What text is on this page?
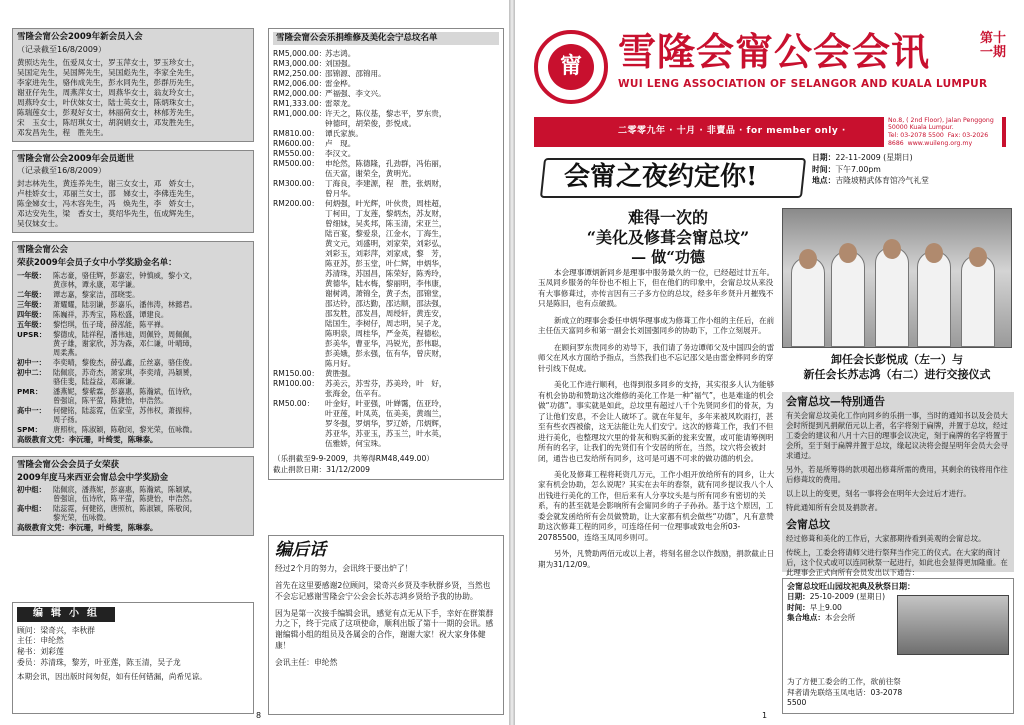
雪隆会甯公会2009年新会员入会
（记录截至16/8/2009）
黄照达先生，伍爱凤女士，罗玉萍女士，罗玉珍女士，
吴国定先生，吴国辉先生，吴国彪先生，李家全先生，
李家进先生，骆伟成先生，彭水同先生，彭群历先生，
谢亚仔先生，周燕萍女士，周燕华女士，翁友玲女士，
周燕玲女士，叶伏妹女士，陆士英女士，陈炳珠女士，
陈瑞莲女士，彭观好女士，林丽荷女士，林郁芳先生，
宋　玉女士，陈绍琪女士，胡润娟女士，邓发胜先生，
邓发昌先生，程　胜先生。
雪隆会甯公会2009年会员逝世
（记录截至16/8/2009）
封志林先生，黄连养先生，谢三女女士，邓　娇女士，
卢桂娇女士，邓丽兰女士，邵　娣女士，李佛连先生，
陈金娣女士，冯木容先生，冯　焕先生，李　娇女士，
邓达安先生，梁　香女士，莫绍华先生，伍成辉先生，
吴仅妹女士。
雪隆会甯公会
荣获2009年会员子女中小学奖励金名单：
一年级：	陈志豪，骆佳辉，彭嘉宏，钟慎威，黎小文，
黄彦林，谭永康，邓学谦。
二年级：	谭志嘉，黎家洁，邵晓雯。
三年级：	萧耀耀，陆羽谦，彭嘉乐，潘伟涛，林懿君。
四年级：	陈巍祥，苏秀宝，陈松盛，谭建良。
五年级：	黎恺琪，伍子琦，薛泓能，陈平禅。
UPSR：	黎德成，陆祥程，潘伟迪，周佩铃，周佩佩，
黄子雄，谢家欣，苏为森，邓仁谦，叶晴璋，
周柔燕。
初中一：	李奕晴，黎俊杰，薛弘鑫，丘丝嘉，骆佳俊。
初中二：	陆佩宸，苏奇杰，萧家琪，李奕靖，冯颖赟，
骆佳斐，陆益益，邓麻谦。
PMR：	潘燕妮，黎紫霖，彭嘉惠，陈瀚斌，伍诗欣，
曾强谊，陈平萤，陈捷怡，申浩然。
高中一：	何健铭，陆蕊霓，伍家莹，苏伟权，萧振梓，
周子扬。
SPM：	唐照杭，陈淑颖，陈敬闵，黎光荣，伍咏微。
高级教育文凭：李沅珊，叶绮雯，陈琳泰。
雪隆会甯公会会员子女荣获
2009年度马来西亚会甯总会中学奖励金
初中组：	陆佩宸，潘燕妮，彭嘉惠，陈瀚斌，陈颖斌，
曾强谊，伍诗欣，陈平萤，陈捷怡，申浩然。
高中组：	陆蕊霓，何健铭，唐照杭，陈淑颖，陈敬闵，
黎光荣，伍咏微。
高级教育文凭：李沅珊，叶绮雯，陈琳泰。
编辑小组
顾问：梁奇兴，李秋群
主任：申纶然
秘书：刘彩莲
委员：苏清珠，黎芳，叶亚莲，陈玉清，吴子龙
本期会讯，因出版时间匆促，如有任何错漏，尚希见谅。
雪隆会甯公会乐捐维修及美化会宁总坟名单
RM5,000.00：
苏志鸿。
RM3,000.00：
刘国强。
RM2,250.00：
邵锦源、邵锦用。
RM2,006.00：
雷金桦。
RM2,000.00：
严福强、李文兴。
RM1,333.00：
雷翠龙。
RM1,000.00：
许天之，陈仪基，黎志平，罗东贵，
钟德珂，胡荣俊，彭悦成。
RM810.00： 谭氏家族。
RM600.00： 卢　现。
RM550.00： 李汉文。
RM500.00： 申纶然，陈德隆，孔劲群，冯佑丽，
伍天富，谢荣全，黄明光。
RM300.00： 丁海良，李建源，程　胜，张炳财，
曾月华。
RM200.00： 何炳强，叶光辉，叶伙贵，周桂超，
丁柯田，丁友莲，黎炳杰，苏友财，
曾细妹，吴炙邦，陈玉清，宋亚兰，
陆百宴，黎爱泉，江金水，丁海生，
黄文元，刘盛明，刘家荣，刘彩弘，
刘彩玉，刘彩萍，刘家成，黎　芳，
陈亚苏，彭玉堂，叶仁辉，申炳华，
苏清珠，苏国昌，陈荣好，陈秀玲，
黄德华，陆水梅，黎丽明，李伟康，
谢树鸿，萧锦全，黄子杰，邵锦堂，
邵达铃，邵达勤，邵达顺，邵法强，
邵发胜，邵发昌，周绶轩，黄连安，
陆国生，李树仔，周志明，吴子龙，
陈明泉，周桂华，严金英，程德松，
彭美华，曹亚华，冯锐光，彭伟聪，
彭美娥，彭永强，伍有华，曾庆财，
陈月好。
RM150.00： 黄胜强。
RM100.00： 苏美云，苏雪芬，苏美玲，叶　好，
张海金，伍辛有。
RM50.00：	叶金好，叶亚强，叶婵霭，伍亚玲，
叶亚莲，叶凤英，伍美美，黄端兰，
罗冬强，罗炳华，罗辽娇，邝炳辉，
苏亚华，苏亚玉，苏玉兰，叶水英，
伍雅娇，何宝珠。
（乐捐截至9-9-2009，共筹得RM48,449.00）
截止捐款日期：31/12/2009
编后话

经过2个月的努力，会讯终于要出炉了！

首先在这里要感谢2位顾问，梁奇兴乡贤及李秋群乡贤，当然也不会忘记感谢雪隆会宁公会会长苏志鸿乡贤给予我的协助。

因为是第一次接手编辑会讯，感觉有点无从下手，幸好在群策群力之下，终于完成了这项使命，顺利出版了第十一期的会讯。感谢编辑小组的组员及各属会的合作，谢谢大家！祝大家身体健康！

会讯主任：申纶然
8
甯 雪隆会甯公会会讯
WUI LENG ASSOCIATION OF SELANGOR AND KUALA LUMPUR
第十一期
二零零九年 · 十月 · 非賣品 · for member only ·
No.8, ( 2nd Floor), Jalan Penggong 50000 Kuala Lumpur.
Tel: 03-2078 5500  Fax: 03-2026 8686  www.wuileng.org.my
会甯之夜约定你!
日期：22-11-2009 (星期日)
时间：下午7.00pm
地点：吉隆坡精武体育馆冷气礼堂
难得一次的
“美化及修葺会甯总坟”
— 做“功德

本会理事谭炳新同乡是理事中服务最久的一位，已经超过廿五年。玉凤同乡服务的年份也不相上下，但在他们的印象中，会甯总坟从来没有大事修葺过，亦传言因有三子多方位的总坟，经多年乡贤升月摧残不只是陈旧，也有点破损。

新成立的理事会委任申炳华理事成为修葺工作小组的主任后，在前主任伍天富同乡和第一副会长刘国强同乡的协助下，工作立刻展开。

在顾问罗东贵同乡的劝导下，我们请了务边谭师父及中国四会的雷师父在风水方面给予指点，当然我们也不忘记邵父是由雷金桦同乡的穿针引线下促成。

美化工作进行顺利，也得到很多同乡的支持，其实很多人认为能够有机会协助和赞助这次维修的美化工作是一种“福气”，也是难逢的机会做“功德”。事实就是如此，总坟里有超过八千个先贤同乡们的骨灰，为了让他们安息，不会让人破坏了。就在年复年，多年来被风吹雨打，甚至有些衣西被偷，这无法能让先人们安宁。这次的修葺工作，我们不但进行美化，也整理坟穴里的骨灰和购买新的瓮来安置，或可能请筹例明所有的名字，让我们的先贤们有个安居的所在，当然，坟穴将会被封闭，通告也已发给所有同乡，这可是可遇不可求的做功德的机会。

美化及修葺工程将耗资几万元，工作小组开放给所有的同乡，让大家有机会协助，怎么说呢？其实在去年的春祭，就有同乡提议我八个人出钱进行美化的工作，但后来有人分享坟头是与所有同乡有密切的关系，有的甚至就是会影响所有会甯同乡的子子孙孙。基于这个原因，工委会就发函给所有会员做赞助，让大家都有机会做些“功德”，凡有意赞助这次修葺工程的同乡，可连络任何一位理事或致电会所03-20785500，连络玉凤同乡则可。

另外，凡赞助两佰元或以上者，将刻名留念以作鼓励，捐款截止日期为31/12/09。

卸任会长彭悦成（左一）与
新任会长苏志鸿（右二）进行交接仪式
会甯总坟—特别通告

有关会甯总坟美化工作向同乡的乐捐一事，当时的通知书以及会员大会时所提到凡捐献佰元以上者，名字将刻于扁牌，并置于总坟，经过工委会的建议和八月十六日的理事会议决定，刻于扁牌的名字将置于会所，至于刻于扁牌并置于总坟，缘起议决将会提呈明年会员大会寻求通过。

另外，若是所筹得的款项超出修葺所需的费用，其剩余的钱将用作往后修葺坟的费用。

以上以上的变更，刻名一事将会在明年大会过后才进行。

特此通知所有会员及捐款者。

会甯总坟

经过修葺和美化的工作后，大家都期待看到美观的会甯总坟。

传统上，工委会将请师父进行祭拜当作完工的仪式。在大家的商讨后，这个仪式或可以连同秋祭一起进行，如此也会显得更加隆重。在此理事会正式向所有会员发出以下通告：

会甯总坟旺山园坟祀典及秋祭日期：
日期：25-10-2009 (星期日)
时间：早上9.00
集合地点：本会会所
为了方便工委会的工作，欲前往祭拜者请先联络玉凤电话：03-2078 5500
1
